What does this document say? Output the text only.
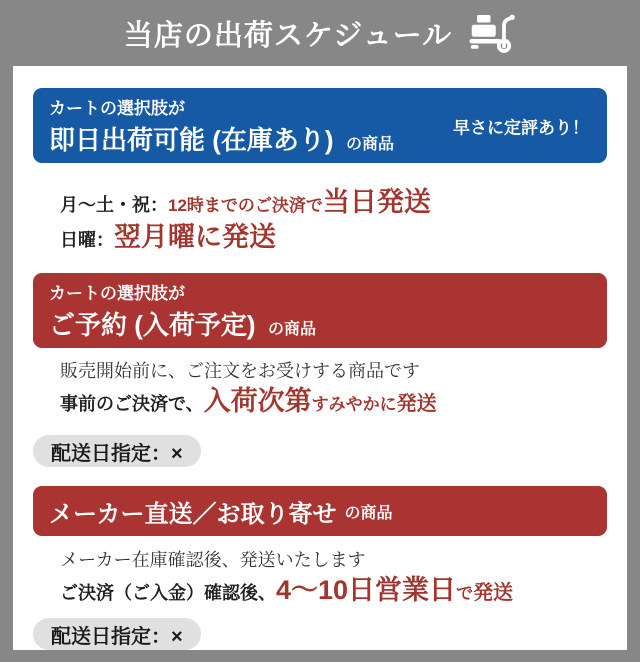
当店の出荷スケジュール
カートの選択肢が
即日出荷可能 (在庫あり) の商品
早さに定評あり！
月〜土・祝：12時までのご決済で当日発送
日曜：翌月曜に発送
カートの選択肢が
ご予約 (入荷予定) の商品
販売開始前に、ご注文をお受けする商品です
事前のご決済で、入荷次第すみやかに発送
配送日指定：×
メーカー直送／お取り寄せ の商品
メーカー在庫確認後、発送いたします
ご決済（ご入金）確認後、4〜10日営業日で発送
配送日指定：×
